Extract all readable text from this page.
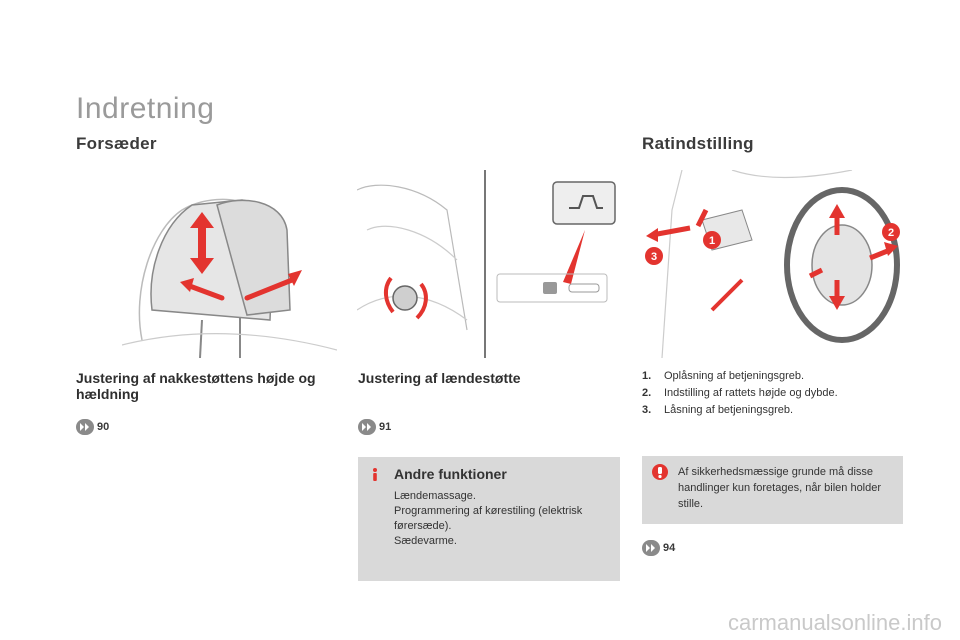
Indretning
Forsæder	Ratindstilling
1
2
3
Justering af nakkestøttens højde og hældning
Justering af lændestøtte
90	91
94
1.	Oplåsning af betjeningsgreb.
2.	Indstilling af rattets højde og dybde.
3.	Låsning af betjeningsgreb.
Andre funktioner
Lændemassage.
Programmering af kørestiling (elektrisk førersæde).
Sædevarme.
Af sikkerhedsmæssige grunde må disse handlinger kun foretages, når bilen holder stille.
carmanualsonline.info
